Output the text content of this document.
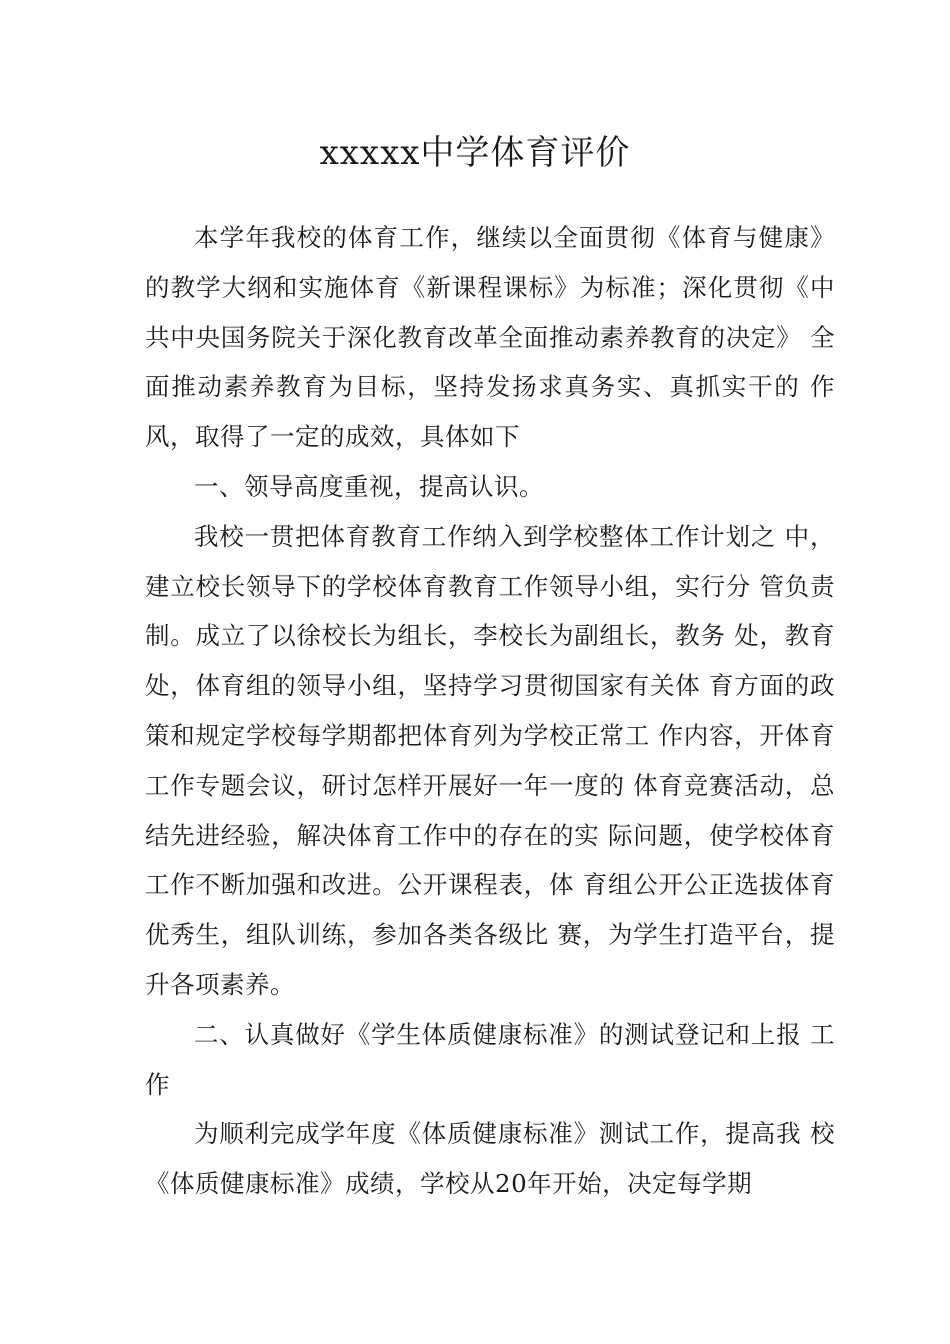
xxxxx中学体育评价

本学年我校的体育工作，继续以全面贯彻《体育与健康》的教学大纲和实施体育《新课程课标》为标准；深化贯彻《中共中央国务院关于深化教育改革全面推动素养教育的决定》 全面推动素养教育为目标，坚持发扬求真务实、真抓实干的 作风，取得了一定的成效，具体如下

一、领导高度重视，提高认识。

我校一贯把体育教育工作纳入到学校整体工作计划之 中，建立校长领导下的学校体育教育工作领导小组，实行分 管负责制。成立了以徐校长为组长，李校长为副组长，教务 处，教育处，体育组的领导小组，坚持学习贯彻国家有关体 育方面的政策和规定学校每学期都把体育列为学校正常工 作内容，开体育工作专题会议，研讨怎样开展好一年一度的 体育竞赛活动，总结先进经验，解决体育工作中的存在的实 际问题，使学校体育工作不断加强和改进。公开课程表，体 育组公开公正选拔体育优秀生，组队训练，参加各类各级比 赛，为学生打造平台，提升各项素养。

二、认真做好《学生体质健康标准》的测试登记和上报 工作

为顺利完成学年度《体质健康标准》测试工作，提高我 校《体质健康标准》成绩，学校从20年开始，决定每学期
